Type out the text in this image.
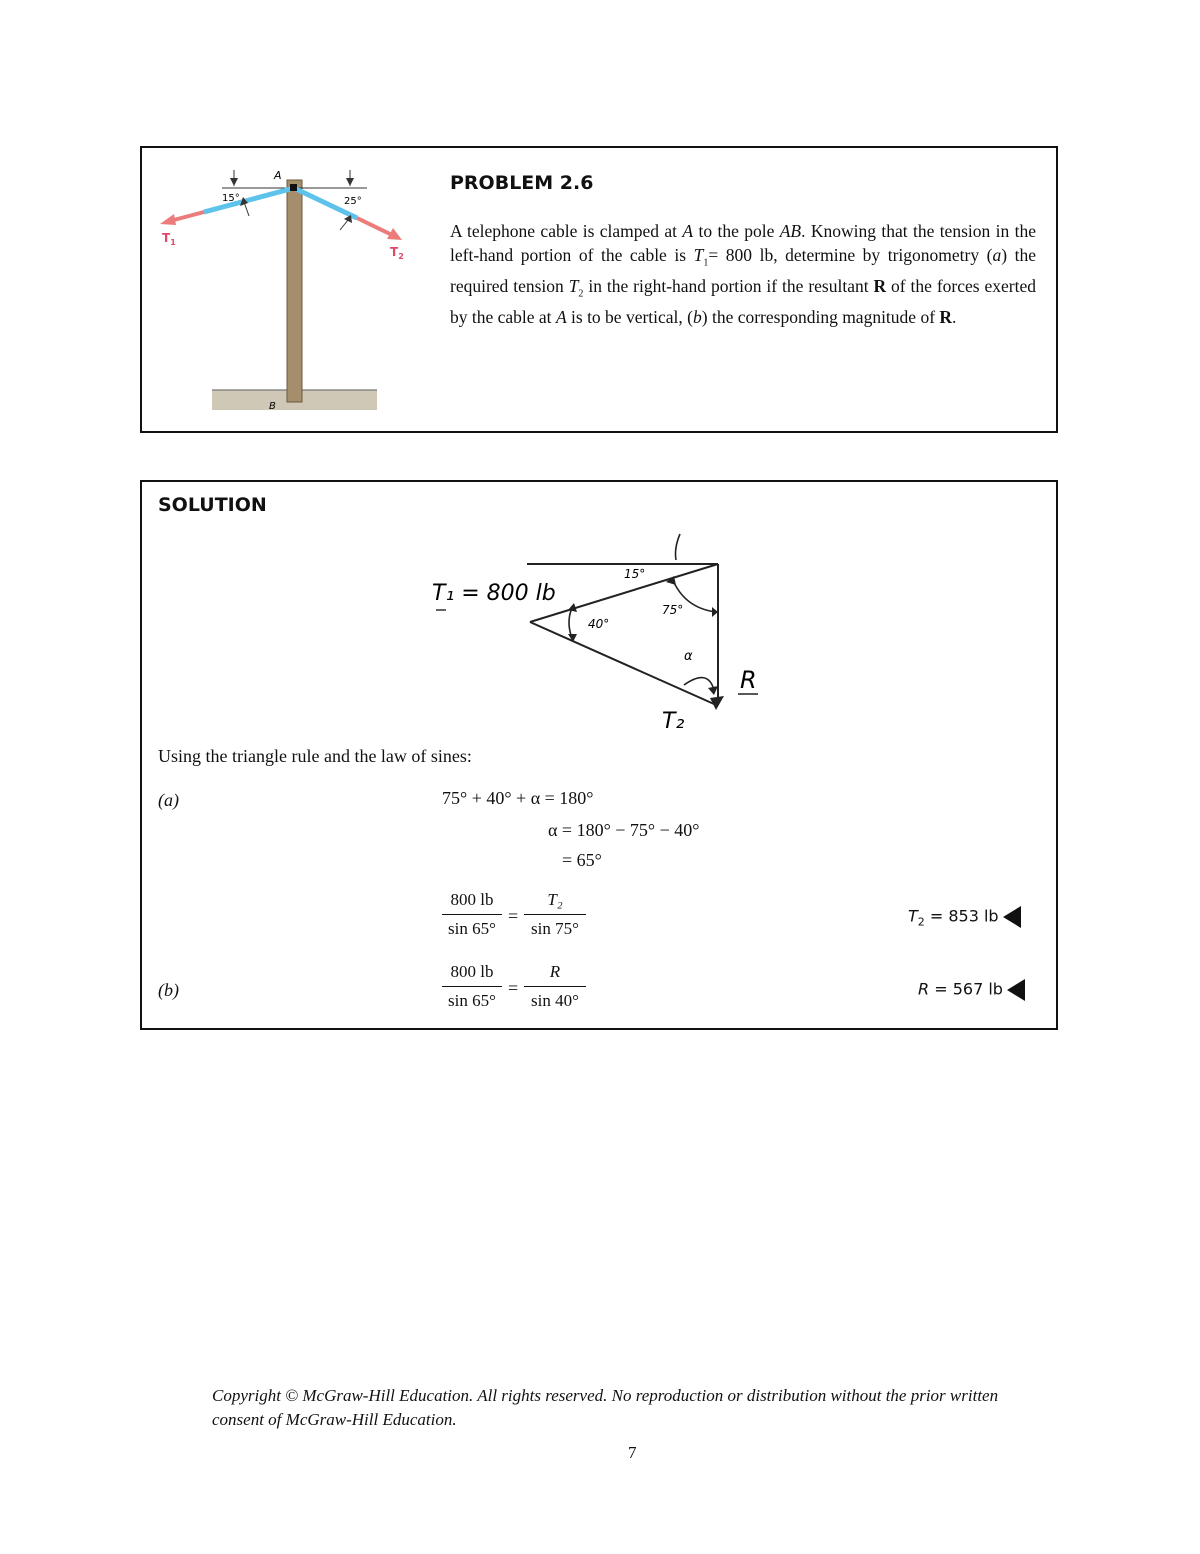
A
B
15°	25°
$T_1$
$T_2$
PROBLEM 2.6
A telephone cable is clamped at A to the pole AB. Knowing that the tension in the left-hand portion of the cable is $T_1= 800$ lb, determine by trigonometry (a) the required tension $T_2$ in the right-hand portion if the resultant R of the forces exerted by the cable at A is to be vertical, (b) the corresponding magnitude of R.
SOLUTION
T₁ = 800 lb
15°
75°
40°
α
R
T₂
Using the triangle rule and the law of sines:
(a)	75° + 40° + α = 180°
α = 180° − 75° − 40°
= 65°
$\frac{800 lb}{\sin 65^\circ} = \frac{\text{T₂}}{\sin 75^\circ}$	$T_2 = 853$ lb
(b)	$\frac{800 lb}{\sin 65^\circ} = \frac{R}{\sin 40^\circ}$	R = 567 lb
Copyright © McGraw-Hill Education. All rights reserved. No reproduction or distribution without the prior written consent of McGraw-Hill Education.
7
